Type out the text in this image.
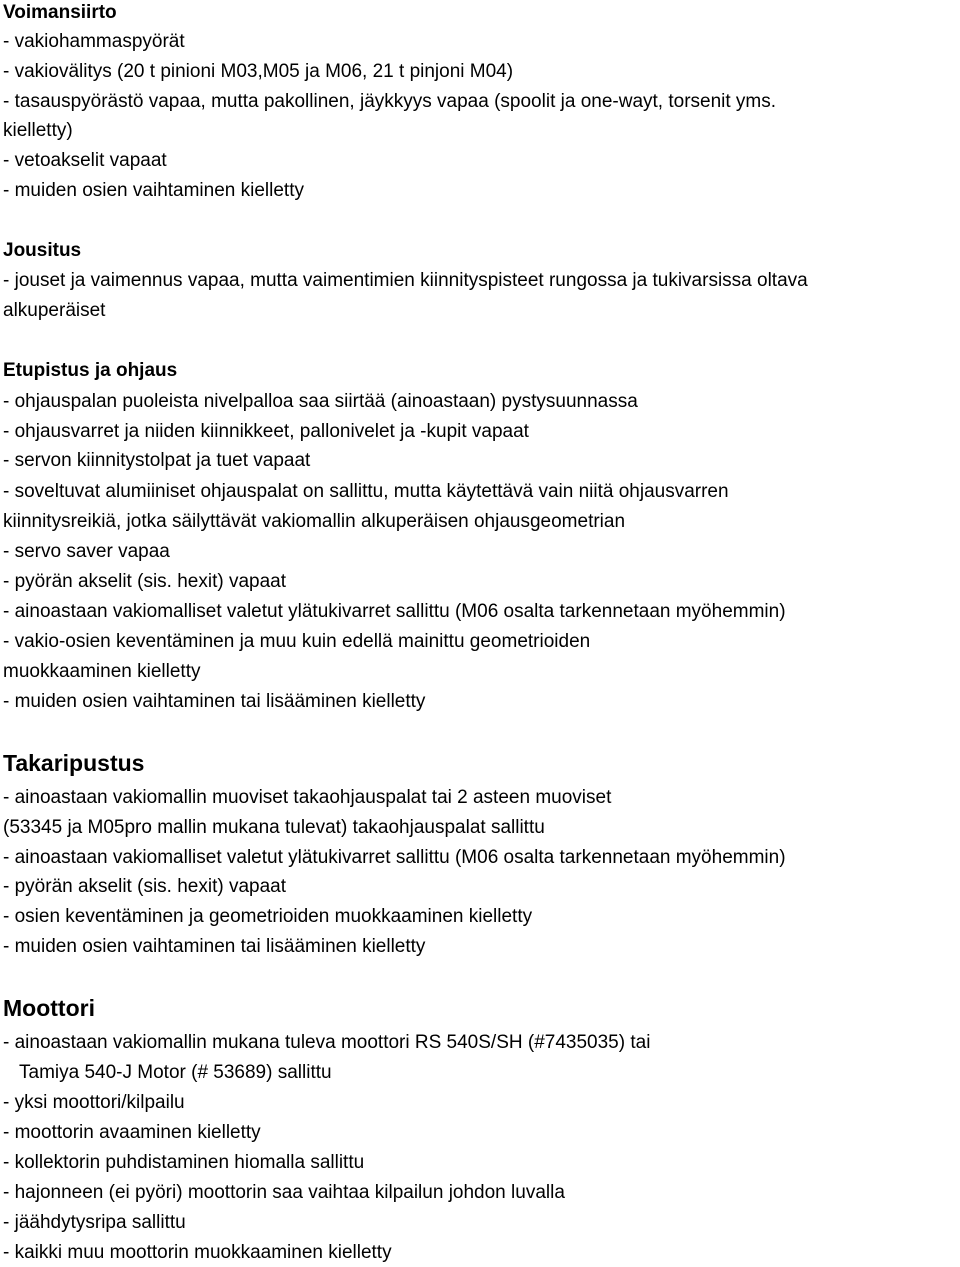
Voimansiirto
- vakiohammaspyörät
- vakiovälitys (20 t pinioni M03,M05 ja M06, 21 t pinjoni M04)
- tasauspyörästö vapaa, mutta pakollinen, jäykkyys vapaa (spoolit ja one-wayt, torsenit yms.
kielletty)
- vetoakselit vapaat
- muiden osien vaihtaminen kielletty
Jousitus
- jouset ja vaimennus vapaa, mutta vaimentimien kiinnityspisteet rungossa ja tukivarsissa oltava
alkuperäiset
Etupistus ja ohjaus
- ohjauspalan puoleista nivelpalloa saa siirtää (ainoastaan) pystysuunnassa
- ohjausvarret ja niiden kiinnikkeet, pallonivelet ja -kupit vapaat
- servon kiinnitystolpat ja tuet vapaat
- soveltuvat alumiiniset ohjauspalat on sallittu, mutta käytettävä vain niitä ohjausvarren
kiinnitysreikiä, jotka säilyttävät vakiomallin alkuperäisen ohjausgeometrian
- servo saver vapaa
- pyörän akselit (sis. hexit) vapaat
- ainoastaan vakiomalliset valetut ylätukivarret sallittu (M06 osalta tarkennetaan myöhemmin)
- vakio-osien keventäminen ja muu kuin edellä mainittu geometrioiden
muokkaaminen kielletty
- muiden osien vaihtaminen tai lisääminen kielletty
Takaripustus
- ainoastaan vakiomallin muoviset takaohjauspalat tai 2 asteen muoviset
(53345 ja M05pro mallin mukana tulevat) takaohjauspalat sallittu
- ainoastaan vakiomalliset valetut ylätukivarret sallittu (M06 osalta tarkennetaan myöhemmin)
- pyörän akselit (sis. hexit) vapaat
- osien keventäminen ja geometrioiden muokkaaminen kielletty
- muiden osien vaihtaminen tai lisääminen kielletty
Moottori
- ainoastaan vakiomallin mukana tuleva moottori RS 540S/SH (#7435035) tai
Tamiya 540-J Motor (# 53689) sallittu
- yksi moottori/kilpailu
- moottorin avaaminen kielletty
- kollektorin puhdistaminen hiomalla sallittu
- hajonneen (ei pyöri) moottorin saa vaihtaa kilpailun johdon luvalla
- jäähdytysripa sallittu
- kaikki muu moottorin muokkaaminen kielletty
